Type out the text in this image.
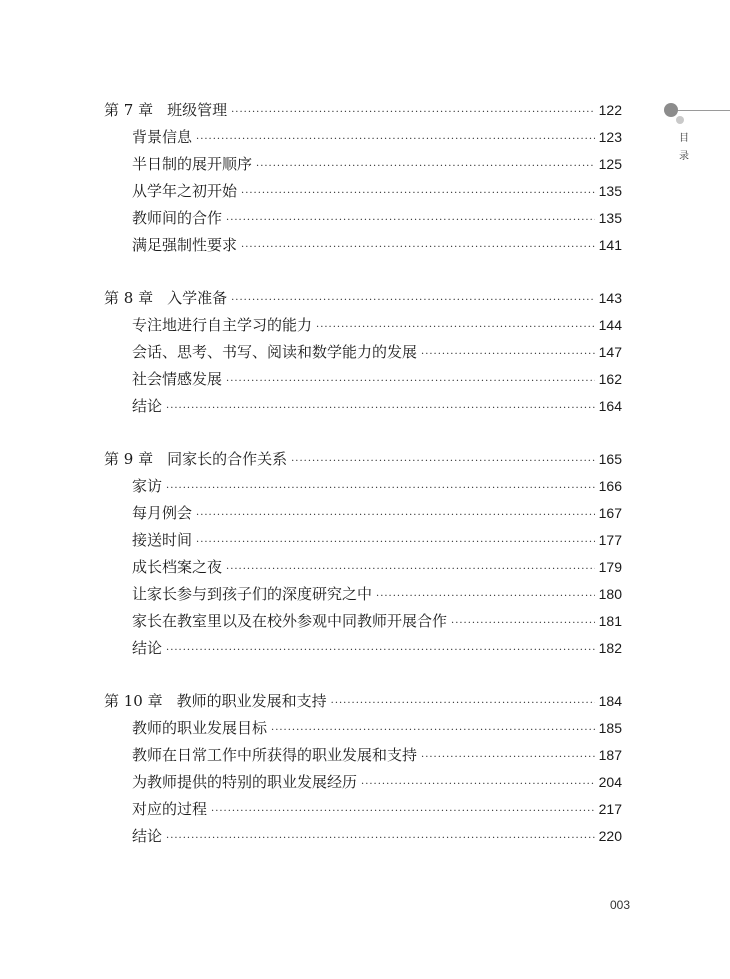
目
录
第 7 章 班级管理 ·····	122
背景信息 ·····	123
半日制的展开顺序 ·····	125
从学年之初开始 ·····	135
教师间的合作 ·····	135
满足强制性要求 ·····	141
第 8 章 入学准备 ·····	143
专注地进行自主学习的能力 ·····	144
会话、思考、书写、阅读和数学能力的发展 ·····	147
社会情感发展 ·····	162
结论 ·····	164
第 9 章 同家长的合作关系 ·····	165
家访 ·····	166
每月例会 ·····	167
接送时间 ·····	177
成长档案之夜 ·····	179
让家长参与到孩子们的深度研究之中 ·····	180
家长在教室里以及在校外参观中同教师开展合作 ·····	181
结论 ·····	182
第 10 章 教师的职业发展和支持 ·····	184
教师的职业发展目标 ·····	185
教师在日常工作中所获得的职业发展和支持 ·····	187
为教师提供的特别的职业发展经历 ·····	204
对应的过程 ·····	217
结论 ·····	220
003
